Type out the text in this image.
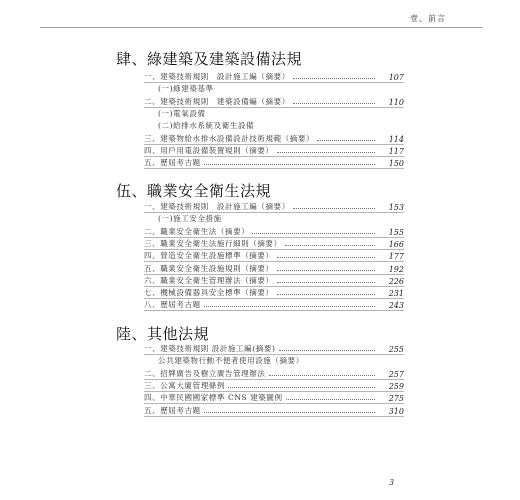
壹、前言
肆、綠建築及建築設備法規
一、建築技術規則　設計施工編（摘要）	107
(一)綠建築基準
二、建築技術規則　建築設備編（摘要）	110
(一)電氣設備
(二)給排水系統及衛生設備
三、建築物給水排水設備設計技術規範（摘要）	114
四、用戶用電設備裝置規則（摘要）	117
五、歷屆考古題	150
伍、職業安全衛生法規
一、建築技術規則　設計施工編（摘要）	153
(一)施工安全措施
二、職業安全衛生法（摘要）	155
三、職業安全衛生法施行細則（摘要）	166
四、營造安全衛生設施標準（摘要）	177
五、職業安全衛生設施規則（摘要）	192
六、職業安全衛生管理辦法（摘要）	226
七、機械設備器具安全標準（摘要）	231
八、歷屆考古題	243
陸、其他法規
一、建築技術規則 設計施工編(摘要)	255
公共建築物行動不便者使用設施（摘要）
二、招牌廣告及樹立廣告管理辦法	257
三、公寓大廈管理條例	259
四、中華民國國家標準 CNS 建築圖例	275
五、歷屆考古題	310
3
